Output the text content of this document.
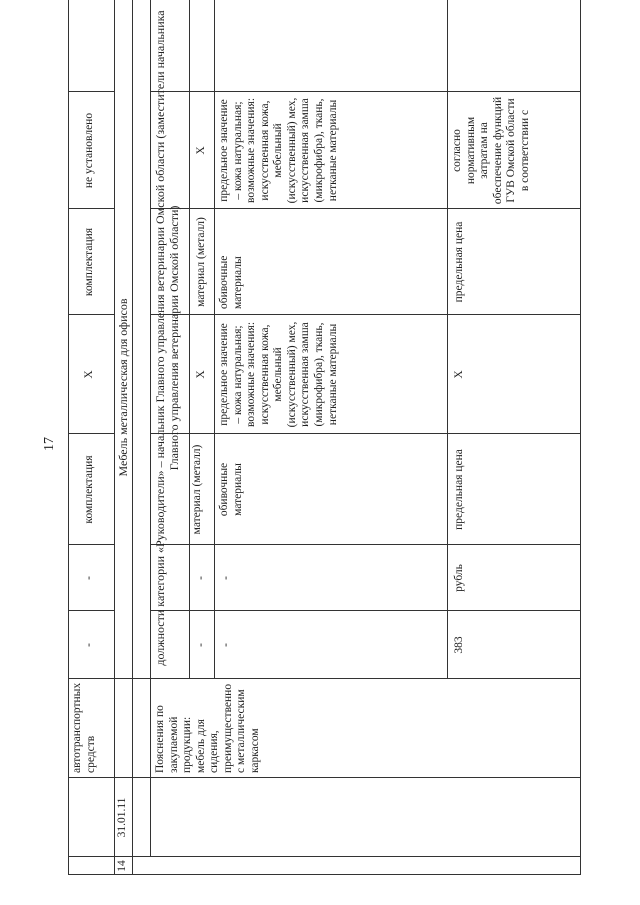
17
автотранспортных средств
-
-
комплектация
X
комплектация
не установлено
14
31.01.11
Мебель металлическая для офисов
Пояснения по закупаемой продукции: мебель для сидения, преимущественно с металлическим каркасом
должности категории «Руководители» – начальник Главного управления ветеринарии Омской области (заместители начальника Главного управления ветеринарии Омской области)
-
-
материал (металл)
X
материал (металл)
X
-
-
обивочные материалы
предельное значение – кожа натуральная; возможные значения: искусственная кожа, мебельный (искусственный) мех, искусственная замша (микрофибра), ткань, нетканые материалы
обивочные материалы
предельное значение – кожа натуральная; возможные значения: искусственная кожа, мебельный (искусственный) мех, искусственная замша (микрофибра), ткань, нетканые материалы
383
рубль
предельная цена
X
предельная цена
согласно нормативным затратам на обеспечение функций ГУВ Омской области в соответствии с
